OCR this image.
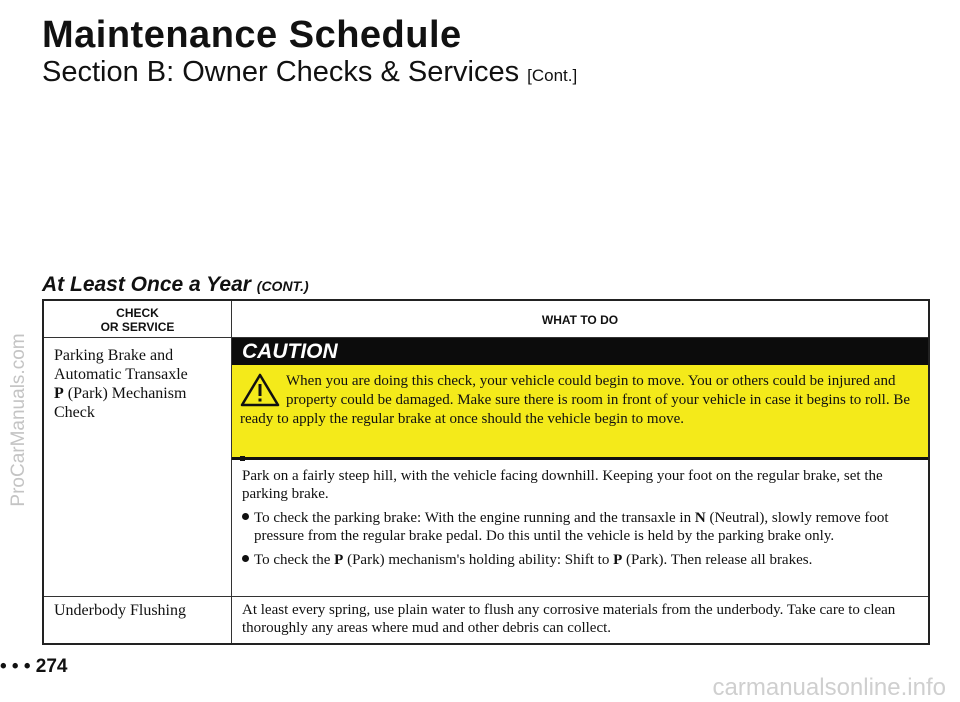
ProCarManuals.com
Maintenance Schedule
Section B: Owner Checks & Services [Cont.]
At Least Once a Year (CONT.)
CHECK
OR SERVICE	WHAT TO DO
Parking Brake and
Automatic Transaxle
P (Park) Mechanism
Check
CAUTION

When you are doing this check, your vehicle could begin to move. You or others could be injured and property could be damaged. Make sure there is room in front of your vehicle in case it begins to roll. Be ready to apply the regular brake at once should the vehicle begin to move.

Park on a fairly steep hill, with the vehicle facing downhill. Keeping your foot on the regular brake, set the parking brake.

To check the parking brake: With the engine running and the transaxle in N (Neutral), slowly remove foot pressure from the regular brake pedal. Do this until the vehicle is held by the parking brake only.

To check the P (Park) mechanism's holding ability: Shift to P (Park). Then release all brakes.

Underbody Flushing	At least every spring, use plain water to flush any corrosive materials from the underbody. Take care to clean thoroughly any areas where mud and other debris can collect.

• • • 274
carmanualsonline.info
